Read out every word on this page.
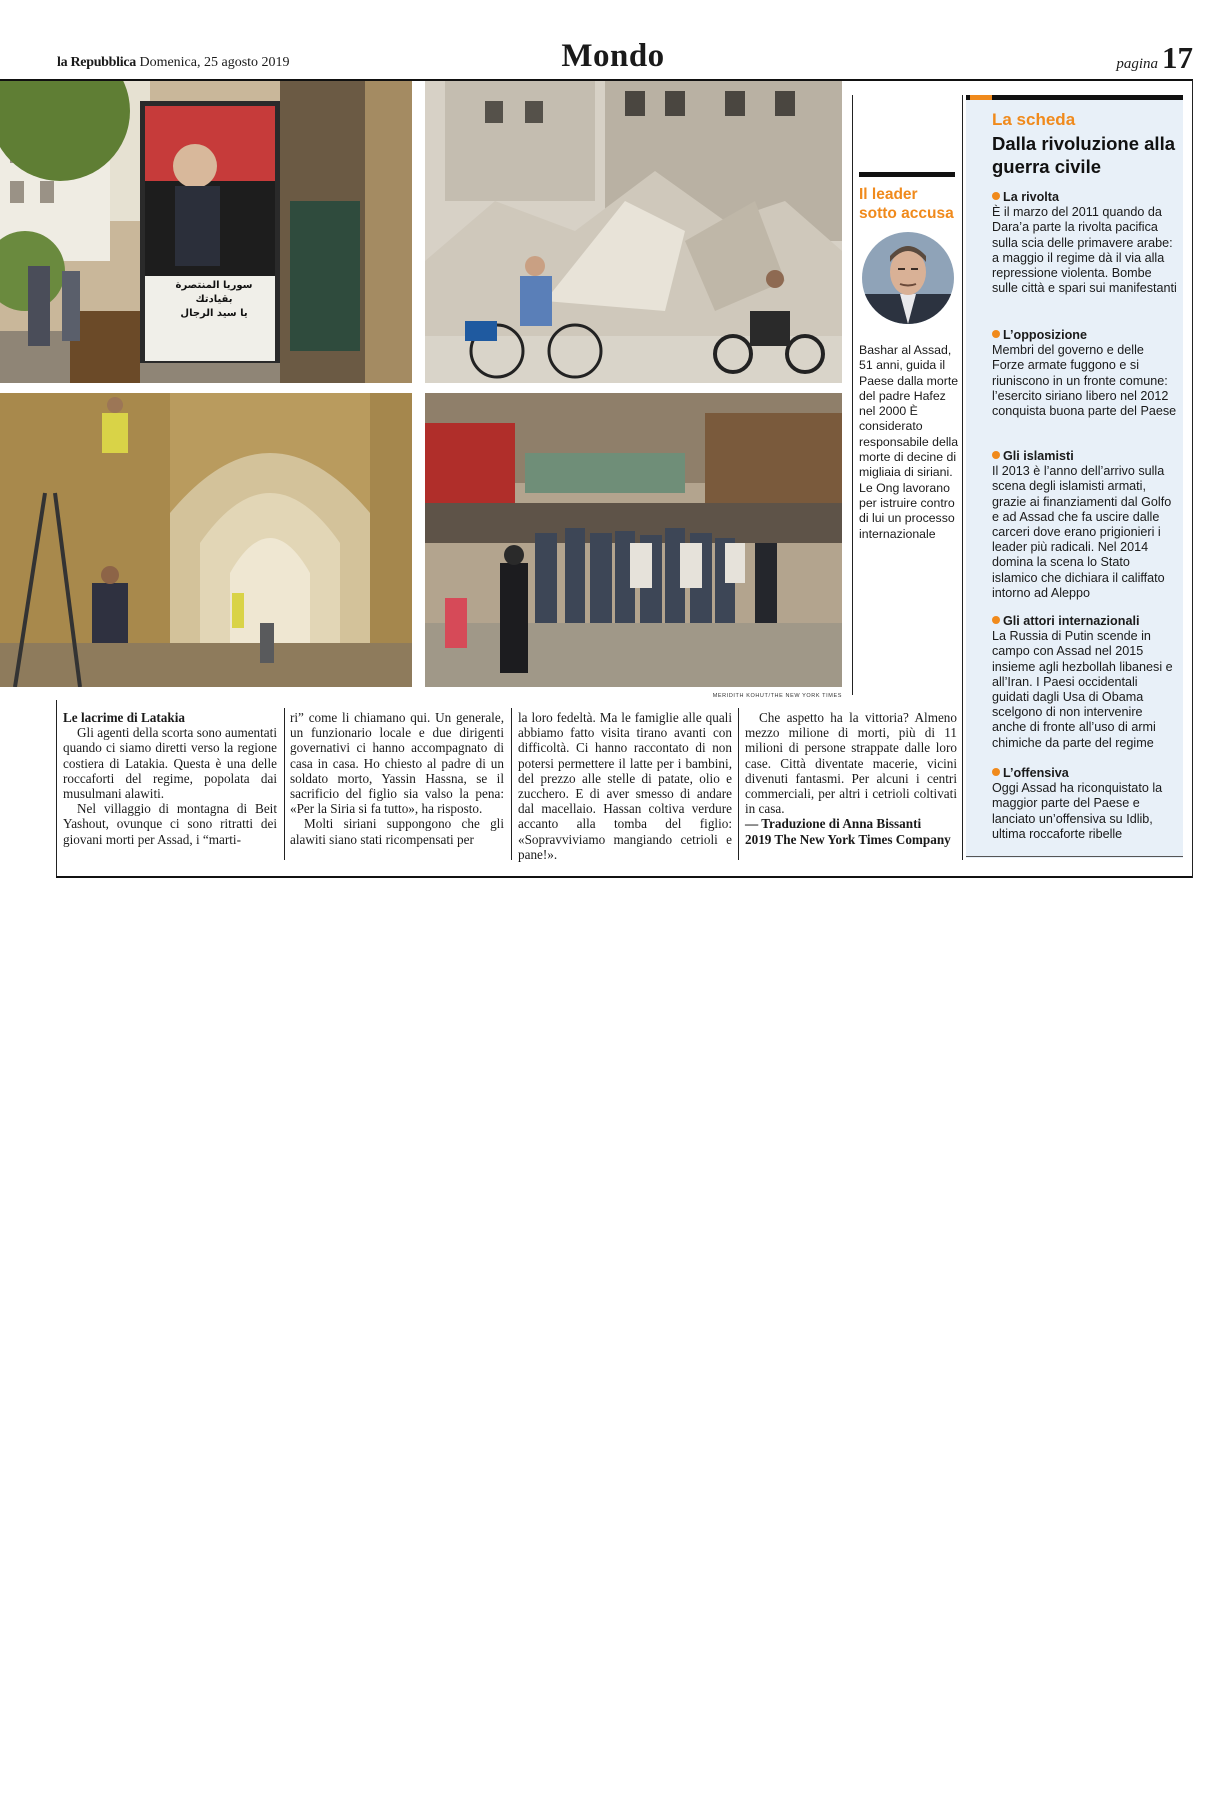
la Repubblica Domenica, 25 agosto 2019	Mondo	pagina 17
سوريا المنتصرة بقيادتك
يا سيد الرجال
MERIDITH KOHUT/THE NEW YORK TIMES

Le lacrime di Latakia

Gli agenti della scorta sono aumentati quando ci siamo diretti verso la regione costiera di Latakia. Questa è una delle roccaforti del regime, popolata dai musulmani alawiti.

Nel villaggio di montagna di Beit Yashout, ovunque ci sono ritratti dei giovani morti per Assad, i “marti-

ri” come li chiamano qui. Un generale, un funzionario locale e due dirigenti governativi ci hanno accompagnato di casa in casa. Ho chiesto al padre di un soldato morto, Yassin Hassna, se il sacrificio del figlio sia valso la pena: «Per la Siria si fa tutto», ha risposto.

Molti siriani suppongono che gli alawiti siano stati ricompensati per

la loro fedeltà. Ma le famiglie alle quali abbiamo fatto visita tirano avanti con difficoltà. Ci hanno raccontato di non potersi permettere il latte per i bambini, del prezzo alle stelle di patate, olio e zucchero. E di aver smesso di andare dal macellaio. Hassan coltiva verdure accanto alla tomba del figlio: «Sopravviviamo mangiando cetrioli e pane!».

Che aspetto ha la vittoria? Almeno mezzo milione di morti, più di 11 milioni di persone strappate dalle loro case. Città diventate macerie, vicini divenuti fantasmi. Per alcuni i centri commerciali, per altri i cetrioli coltivati in casa.

— Traduzione di Anna Bissanti

2019 The New York Times Company

Il leader sotto accusa
Bashar al Assad, 51 anni, guida il Paese dalla morte del padre Hafez nel 2000 È considerato responsabile della morte di decine di migliaia di siriani. Le Ong lavorano per istruire contro di lui un processo internazionale
La scheda
Dalla rivoluzione alla guerra civile
La rivolta
È il marzo del 2011 quando da Dara’a parte la rivolta pacifica sulla scia delle primavere arabe: a maggio il regime dà il via alla repressione violenta. Bombe sulle città e spari sui manifestanti
L’opposizione
Membri del governo e delle Forze armate fuggono e si riuniscono in un fronte comune: l’esercito siriano libero nel 2012 conquista buona parte del Paese
Gli islamisti
Il 2013 è l’anno dell’arrivo sulla scena degli islamisti armati, grazie ai finanziamenti dal Golfo e ad Assad che fa uscire dalle carceri dove erano prigionieri i leader più radicali. Nel 2014 domina la scena lo Stato islamico che dichiara il califfato intorno ad Aleppo
Gli attori internazionali
La Russia di Putin scende in campo con Assad nel 2015 insieme agli hezbollah libanesi e all’Iran. I Paesi occidentali guidati dagli Usa di Obama scelgono di non intervenire anche di fronte all’uso di armi chimiche da parte del regime
L’offensiva
Oggi Assad ha riconquistato la maggior parte del Paese e lanciato un’offensiva su Idlib, ultima roccaforte ribelle
